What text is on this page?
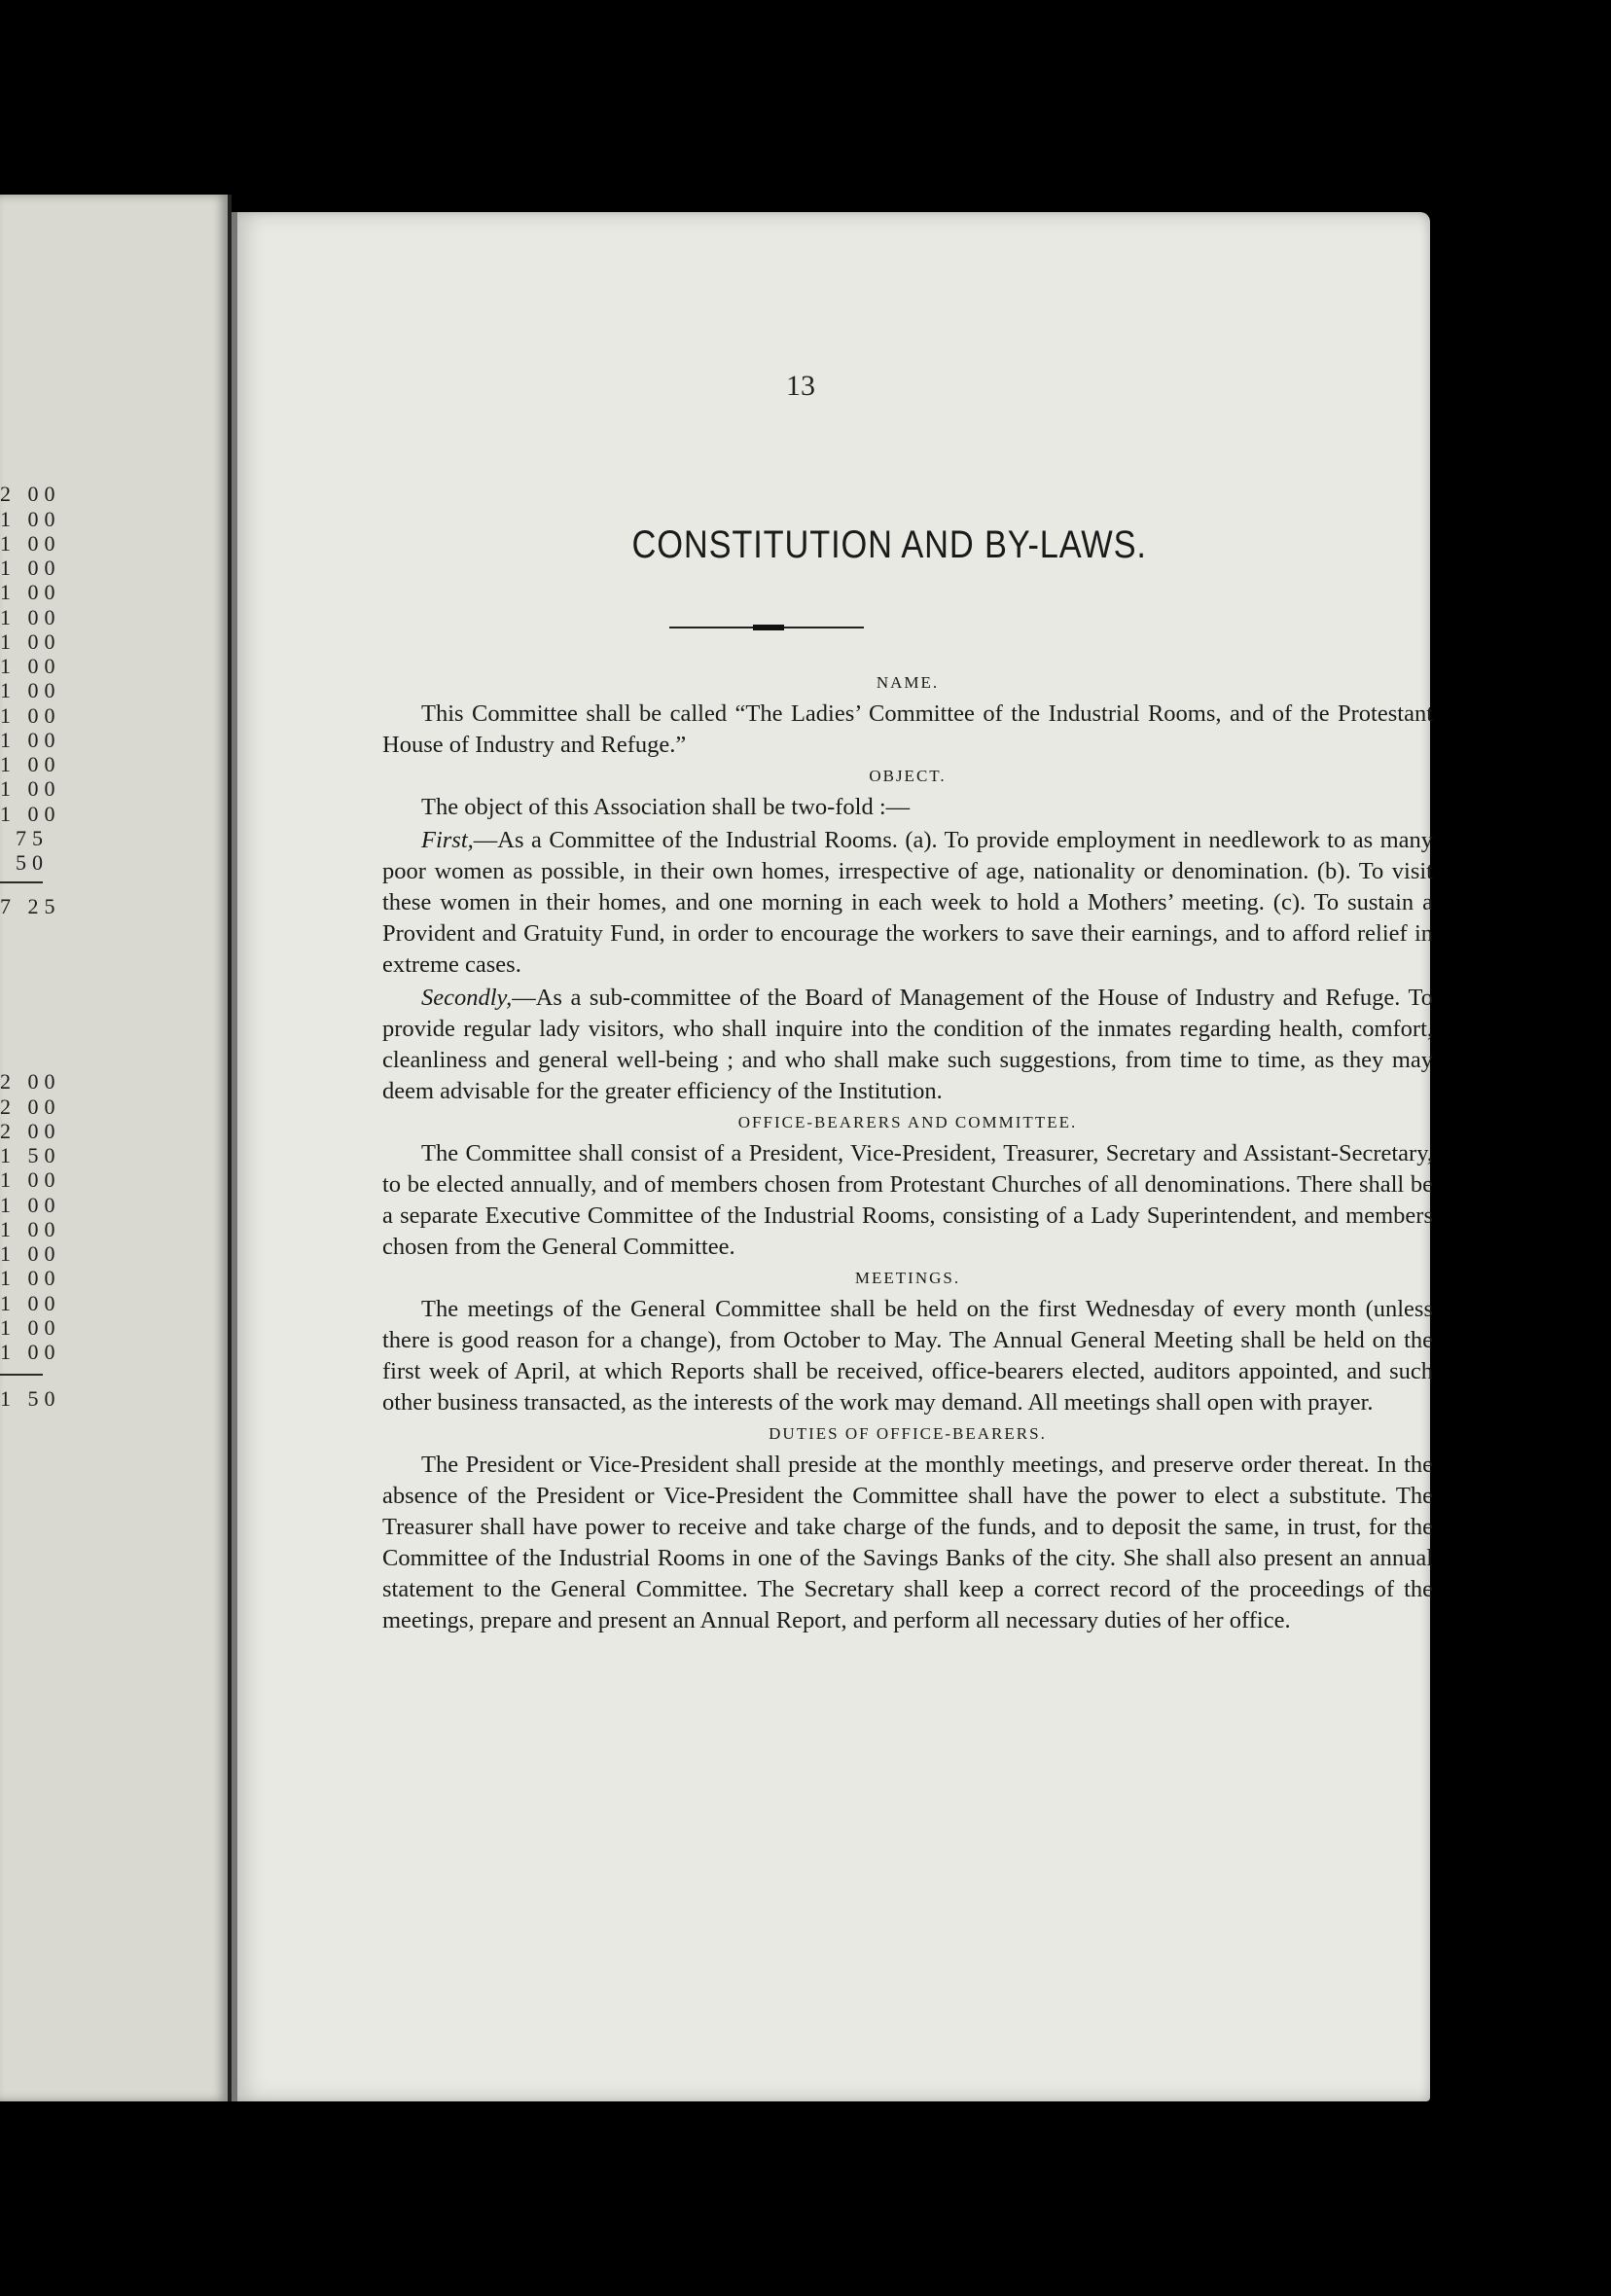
2 00
1 00
1 00
1 00
1 00
1 00
1 00
1 00
1 00
1 00
1 00
1 00
1 00
1 00
75
50
7 25
2 00
2 00
2 00
1 50
1 00
1 00
1 00
1 00
1 00
1 00
1 00
1 00
1 50
13
CONSTITUTION AND BY-LAWS.
NAME.

This Committee shall be called “The Ladies’ Committee of the Industrial Rooms, and of the Protestant House of Industry and Refuge.”

OBJECT.

The object of this Association shall be two-fold :—

First,—As a Committee of the Industrial Rooms. (a). To provide employment in needlework to as many poor women as possible, in their own homes, irrespective of age, nationality or denomination. (b). To visit these women in their homes, and one morning in each week to hold a Mothers’ meeting. (c). To sustain a Provident and Gratuity Fund, in order to encourage the workers to save their earnings, and to afford relief in extreme cases.

Secondly,—As a sub-committee of the Board of Management of the House of Industry and Refuge. To provide regular lady visitors, who shall inquire into the condition of the inmates regarding health, comfort, cleanliness and general well-being ; and who shall make such suggestions, from time to time, as they may deem advisable for the greater efficiency of the Institution.

OFFICE-BEARERS AND COMMITTEE.

The Committee shall consist of a President, Vice-President, Treasurer, Secretary and Assistant-Secretary, to be elected annually, and of members chosen from Protestant Churches of all denominations. There shall be a separate Executive Committee of the Industrial Rooms, consisting of a Lady Superintendent, and members chosen from the General Committee.

MEETINGS.

The meetings of the General Committee shall be held on the first Wednesday of every month (unless there is good reason for a change), from October to May. The Annual General Meeting shall be held on the first week of April, at which Reports shall be received, office-bearers elected, auditors appointed, and such other business transacted, as the interests of the work may demand. All meetings shall open with prayer.

DUTIES OF OFFICE-BEARERS.

The President or Vice-President shall preside at the monthly meetings, and preserve order thereat. In the absence of the President or Vice-President the Committee shall have the power to elect a substitute. The Treasurer shall have power to receive and take charge of the funds, and to deposit the same, in trust, for the Committee of the Industrial Rooms in one of the Savings Banks of the city. She shall also present an annual statement to the General Committee. The Secretary shall keep a correct record of the proceedings of the meetings, prepare and present an Annual Report, and perform all necessary duties of her office.
